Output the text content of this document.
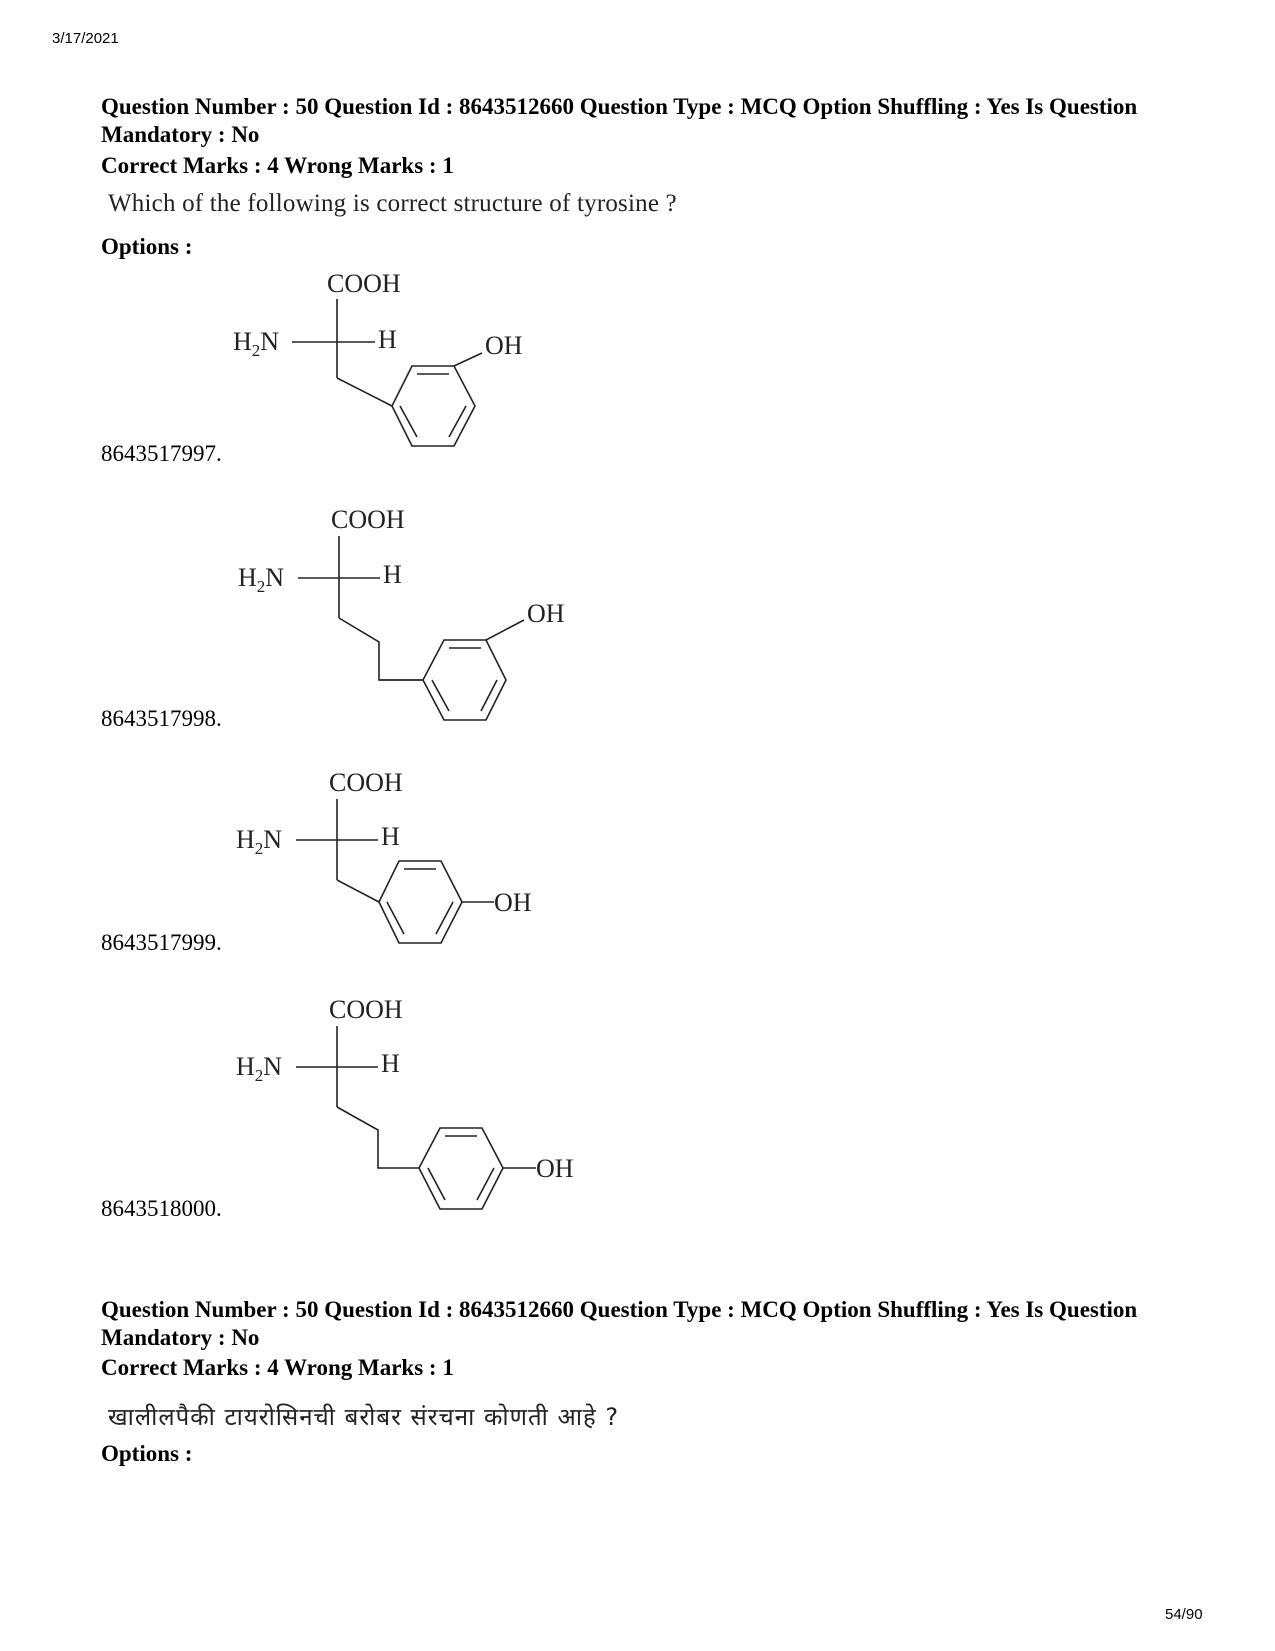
3/17/2021
Question Number : 50 Question Id : 8643512660 Question Type : MCQ Option Shuffling : Yes Is Question Mandatory : No
Correct Marks : 4 Wrong Marks : 1
Which of the following is correct structure of tyrosine ?
Options :
COOH
$H_2N$	H	OH
8643517997.
COOH
$H_2N$	H
OH
8643517998.
COOH
$H_2N$	H
OH
8643517999.
COOH
$H_2N$	H
OH
8643518000.
Question Number : 50 Question Id : 8643512660 Question Type : MCQ Option Shuffling : Yes Is Question Mandatory : No
Correct Marks : 4 Wrong Marks : 1
खालीलपैकी टायरोसिनची बरोबर संरचना कोणती आहे ?
Options :
54/90
